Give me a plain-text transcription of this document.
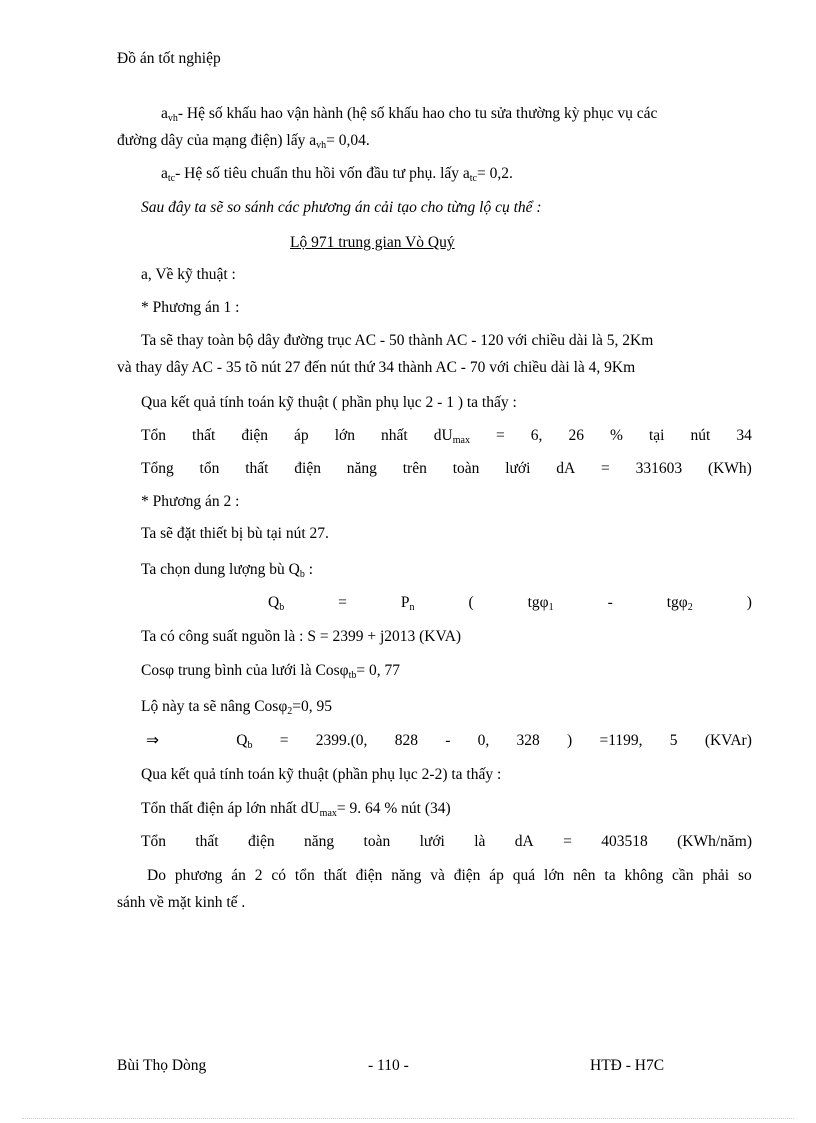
Đồ án tốt nghiệp
$a_{vh}-$ Hệ số khấu hao vận hành (hệ số khấu hao cho tu sửa thường kỳ phục vụ các
đường dây của mạng điện) lấy $a_{vh}= 0,04$.
$a_{tc}-$ Hệ số tiêu chuẩn thu hồi vốn đầu tư phụ. lấy $a_{tc}= 0,2$.
Sau đây ta sẽ so sánh các phương án cải tạo cho từng lộ cụ thể :
Lộ 971 trung gian Vò Quý
a, Về kỹ thuật :
* Phương án 1 :
Ta sẽ thay toàn bộ dây đường trục AC - 50 thành AC - 120 với chiều dài là 5, 2Km
và thay dây AC - 35 tõ nút 27 đến nút thứ 34 thành AC - 70 với chiều dài là 4, 9Km
Qua kết quả tính toán kỹ thuật ( phần phụ lục 2 - 1 ) ta thấy :
Tổn thất điện áp lớn nhất $dU_{max} = 6$, 26 % tại nút 34
Tổng tổn thất điện năng trên toàn lưới dA = 331603 (KWh)
* Phương án 2 :
Ta sẽ đặt thiết bị bù tại nút 27.
Ta chọn dung lượng bù $Q_b$ :
$Q_b$	=	$P_n$	(	tgφ$_1$	-	tgφ$_2$	)
Ta có công suất nguồn là : S = 2399 + j2013 (KVA)
Cosφ trung bình của lưới là Cosφ$_{tb}$= 0, 77
Lộ này ta sẽ nâng Cosφ$_2$=0, 95
⇒	$Q_b = 2399.(0$, 828 - 0, 328 ) =1199, 5 (KVAr)
Qua kết quả tính toán kỹ thuật (phần phụ lục 2-2) ta thấy :
Tổn thất điện áp lớn nhất $dU_{max}= 9$. 64 % nút (34)
Tổn thất điện năng toàn lưới là dA = 403518 (KWh/năm)
Do phương án 2 có tổn thất điện năng và điện áp quá lớn nên ta không cần phải so
sánh về mặt kinh tế .
Bùi Thọ Dòng	- 110 -	HTĐ - H7C
